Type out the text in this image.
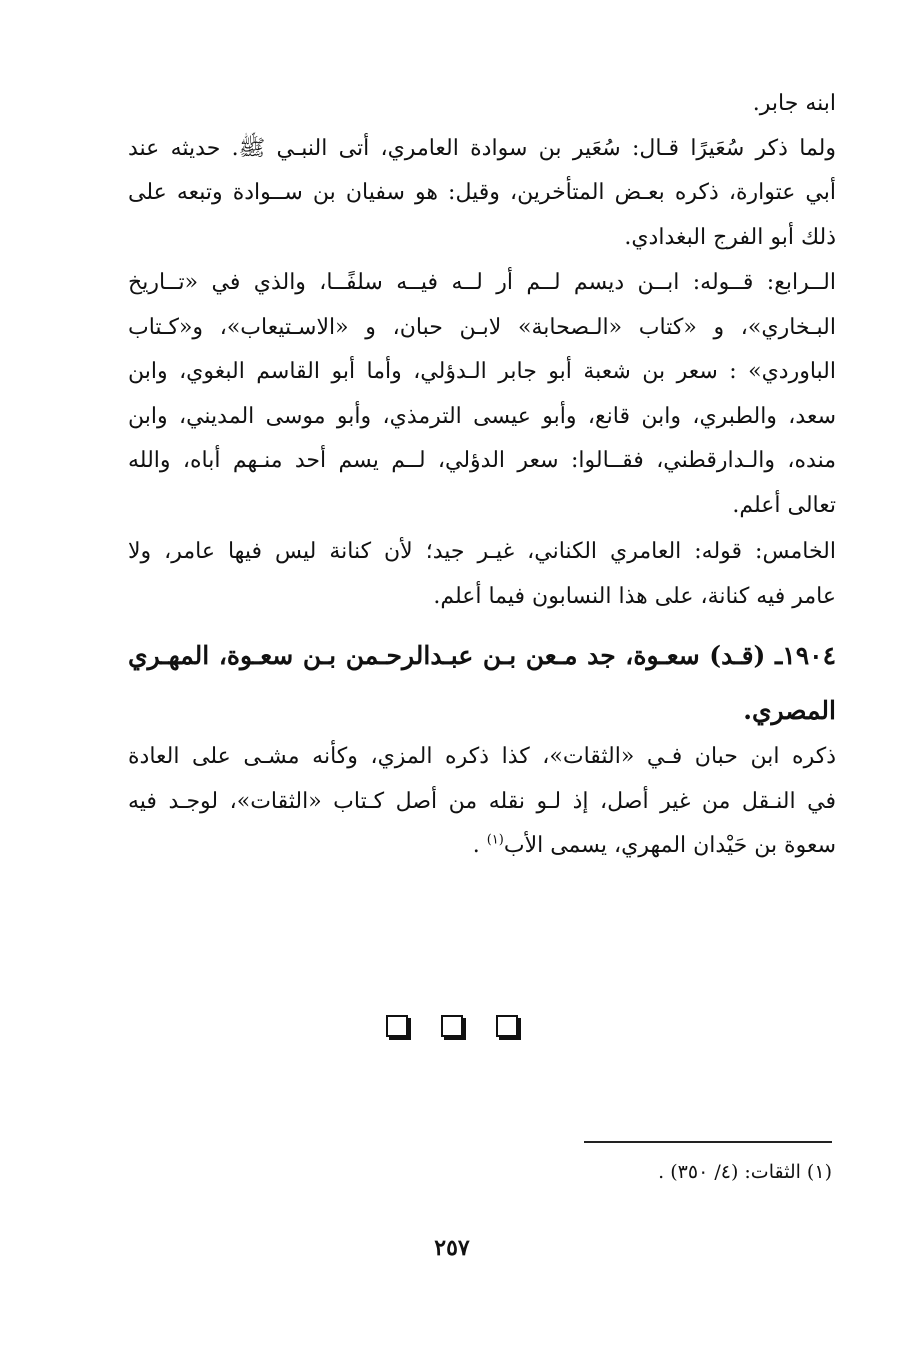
ابنه جابر.
ولما ذكر سُعَيرًا قـال: سُعَير بن سوادة العامري، أتى النبـي ﷺ. حديثه عند
أبي عتوارة، ذكره بعـض المتأخرين، وقيل: هو سفيان بن ســوادة وتبعه على
ذلك أبو الفرج البغدادي.
الــرابع: قــوله: ابــن ديسم لــم أر لــه فيــه سلفًــا، والذي في «تــاريخ
البـخاري»، و «كتاب «الـصحابة» لابـن حبان، و «الاسـتيعاب»، و«كـتاب
الباوردي» : سعر بن شعبة أبو جابر الـدؤلي، وأما أبو القاسم البغوي، وابن
سعد، والطبري، وابن قانع، وأبو عيسى الترمذي، وأبو موسى المديني، وابن
منده، والـدارقطني، فقــالوا: سعر الدؤلي، لــم يسم أحد منـهم أباه، والله
تعالى أعلم.
الخامس: قوله: العامري الكناني، غيـر جيد؛ لأن كنانة ليس فيها عامر، ولا
عامر فيه كنانة، على هذا النسابون فيما أعلم.
١٩٠٤ـ (قـد) سعـوة، جد مـعن بـن عبـدالرحـمن بـن سعـوة، المهـري
المصري.
ذكره ابن حبان فـي «الثقات»، كذا ذكره المزي، وكأنه مشـى على العادة
في النـقل من غير أصل، إذ لـو نقله من أصل كـتاب «الثقات»، لوجـد فيه
سعوة بن حَيْدان المهري، يسمى الأب$^{(١)}$ .

(١) الثقات: (٤/ ٣٥٠) .
٢٥٧
